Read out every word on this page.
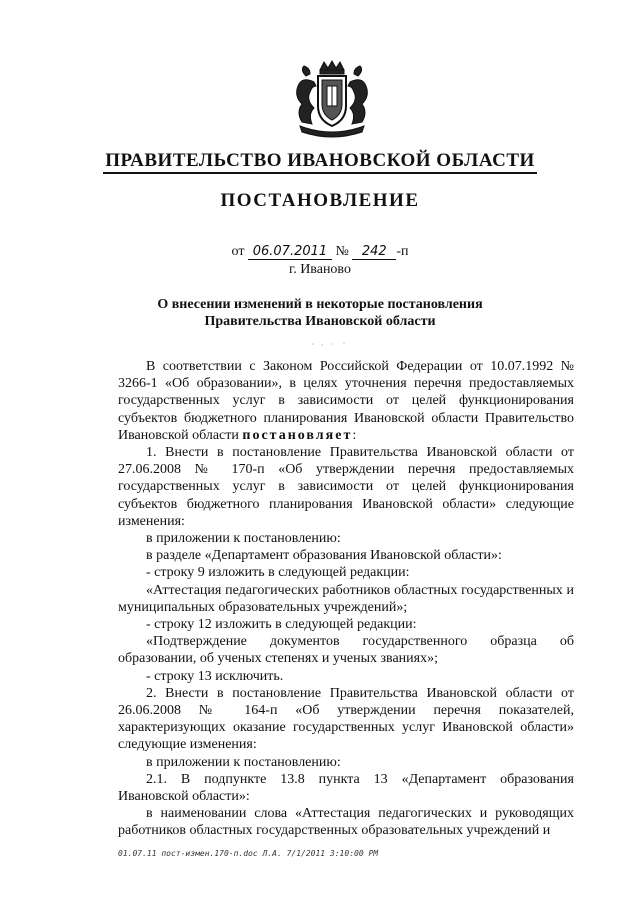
ПРАВИТЕЛЬСТВО ИВАНОВСКОЙ ОБЛАСТИ
ПОСТАНОВЛЕНИЕ
от 06.07.2011 № 242 -п
г. Иваново
О внесении изменений в некоторые постановления Правительства Ивановской области

В соответствии с Законом Российской Федерации от 10.07.1992 № 3266-1 «Об образовании», в целях уточнения перечня предоставляемых государственных услуг в зависимости от целей функционирования субъектов бюджетного планирования Ивановской области Правительство Ивановской области постановляет:

1. Внести в постановление Правительства Ивановской области от 27.06.2008 № 170-п «Об утверждении перечня предоставляемых государственных услуг в зависимости от целей функционирования субъектов бюджетного планирования Ивановской области» следующие изменения:

в приложении к постановлению:

в разделе «Департамент образования Ивановской области»:

- строку 9 изложить в следующей редакции:

«Аттестация педагогических работников областных государственных и муниципальных образовательных учреждений»;

- строку 12 изложить в следующей редакции:

«Подтверждение документов государственного образца об образовании, об ученых степенях и ученых званиях»;

- строку 13 исключить.

2. Внести в постановление Правительства Ивановской области от 26.06.2008 № 164-п «Об утверждении перечня показателей, характеризующих оказание государственных услуг Ивановской области» следующие изменения:

в приложении к постановлению:

2.1. В подпункте 13.8 пункта 13 «Департамент образования Ивановской области»:

в наименовании слова «Аттестация педагогических и руководящих работников областных государственных образовательных учреждений и

01.07.11 пост-измен.170-п.doc Л.А. 7/1/2011 3:10:00 PM
